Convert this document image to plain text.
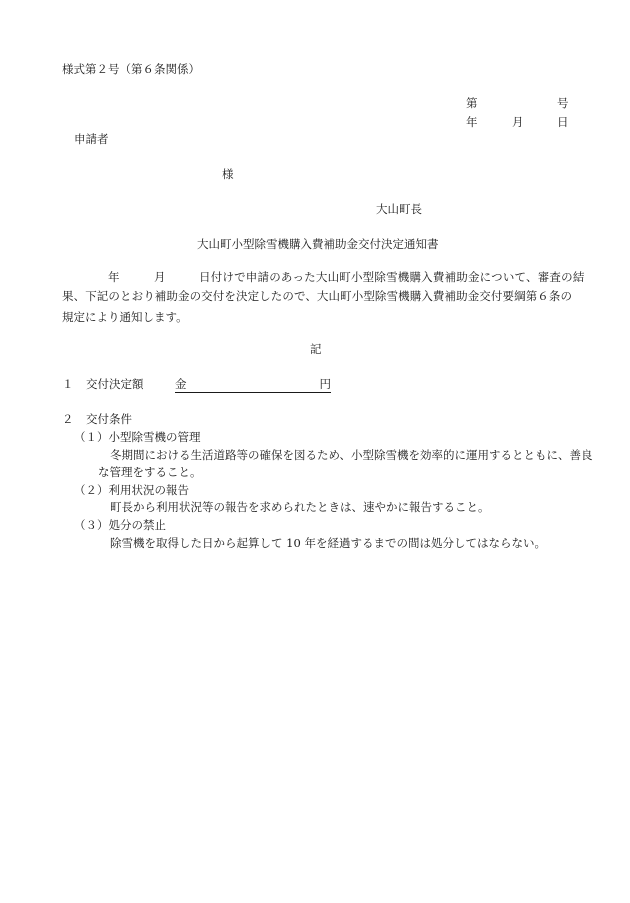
様式第２号（第６条関係）
第	号
年	月	日
申請者
様
大山町長
大山町小型除雪機購入費補助金交付決定通知書
年	月	日付けで申請のあった大山町小型除雪機購入費補助金について、審査の結
果、下記のとおり補助金の交付を決定したので、大山町小型除雪機購入費補助金交付要綱第６条の規定により通知します。
記
１ 交付決定額	金	円
２ 交付条件
（１）小型除雪機の管理
冬期間における生活道路等の確保を図るため、小型除雪機を効率的に運用するとともに、善良
な管理をすること。
（２）利用状況の報告
町長から利用状況等の報告を求められたときは、速やかに報告すること。
（３）処分の禁止
除雪機を取得した日から起算して 10 年を経過するまでの間は処分してはならない。
